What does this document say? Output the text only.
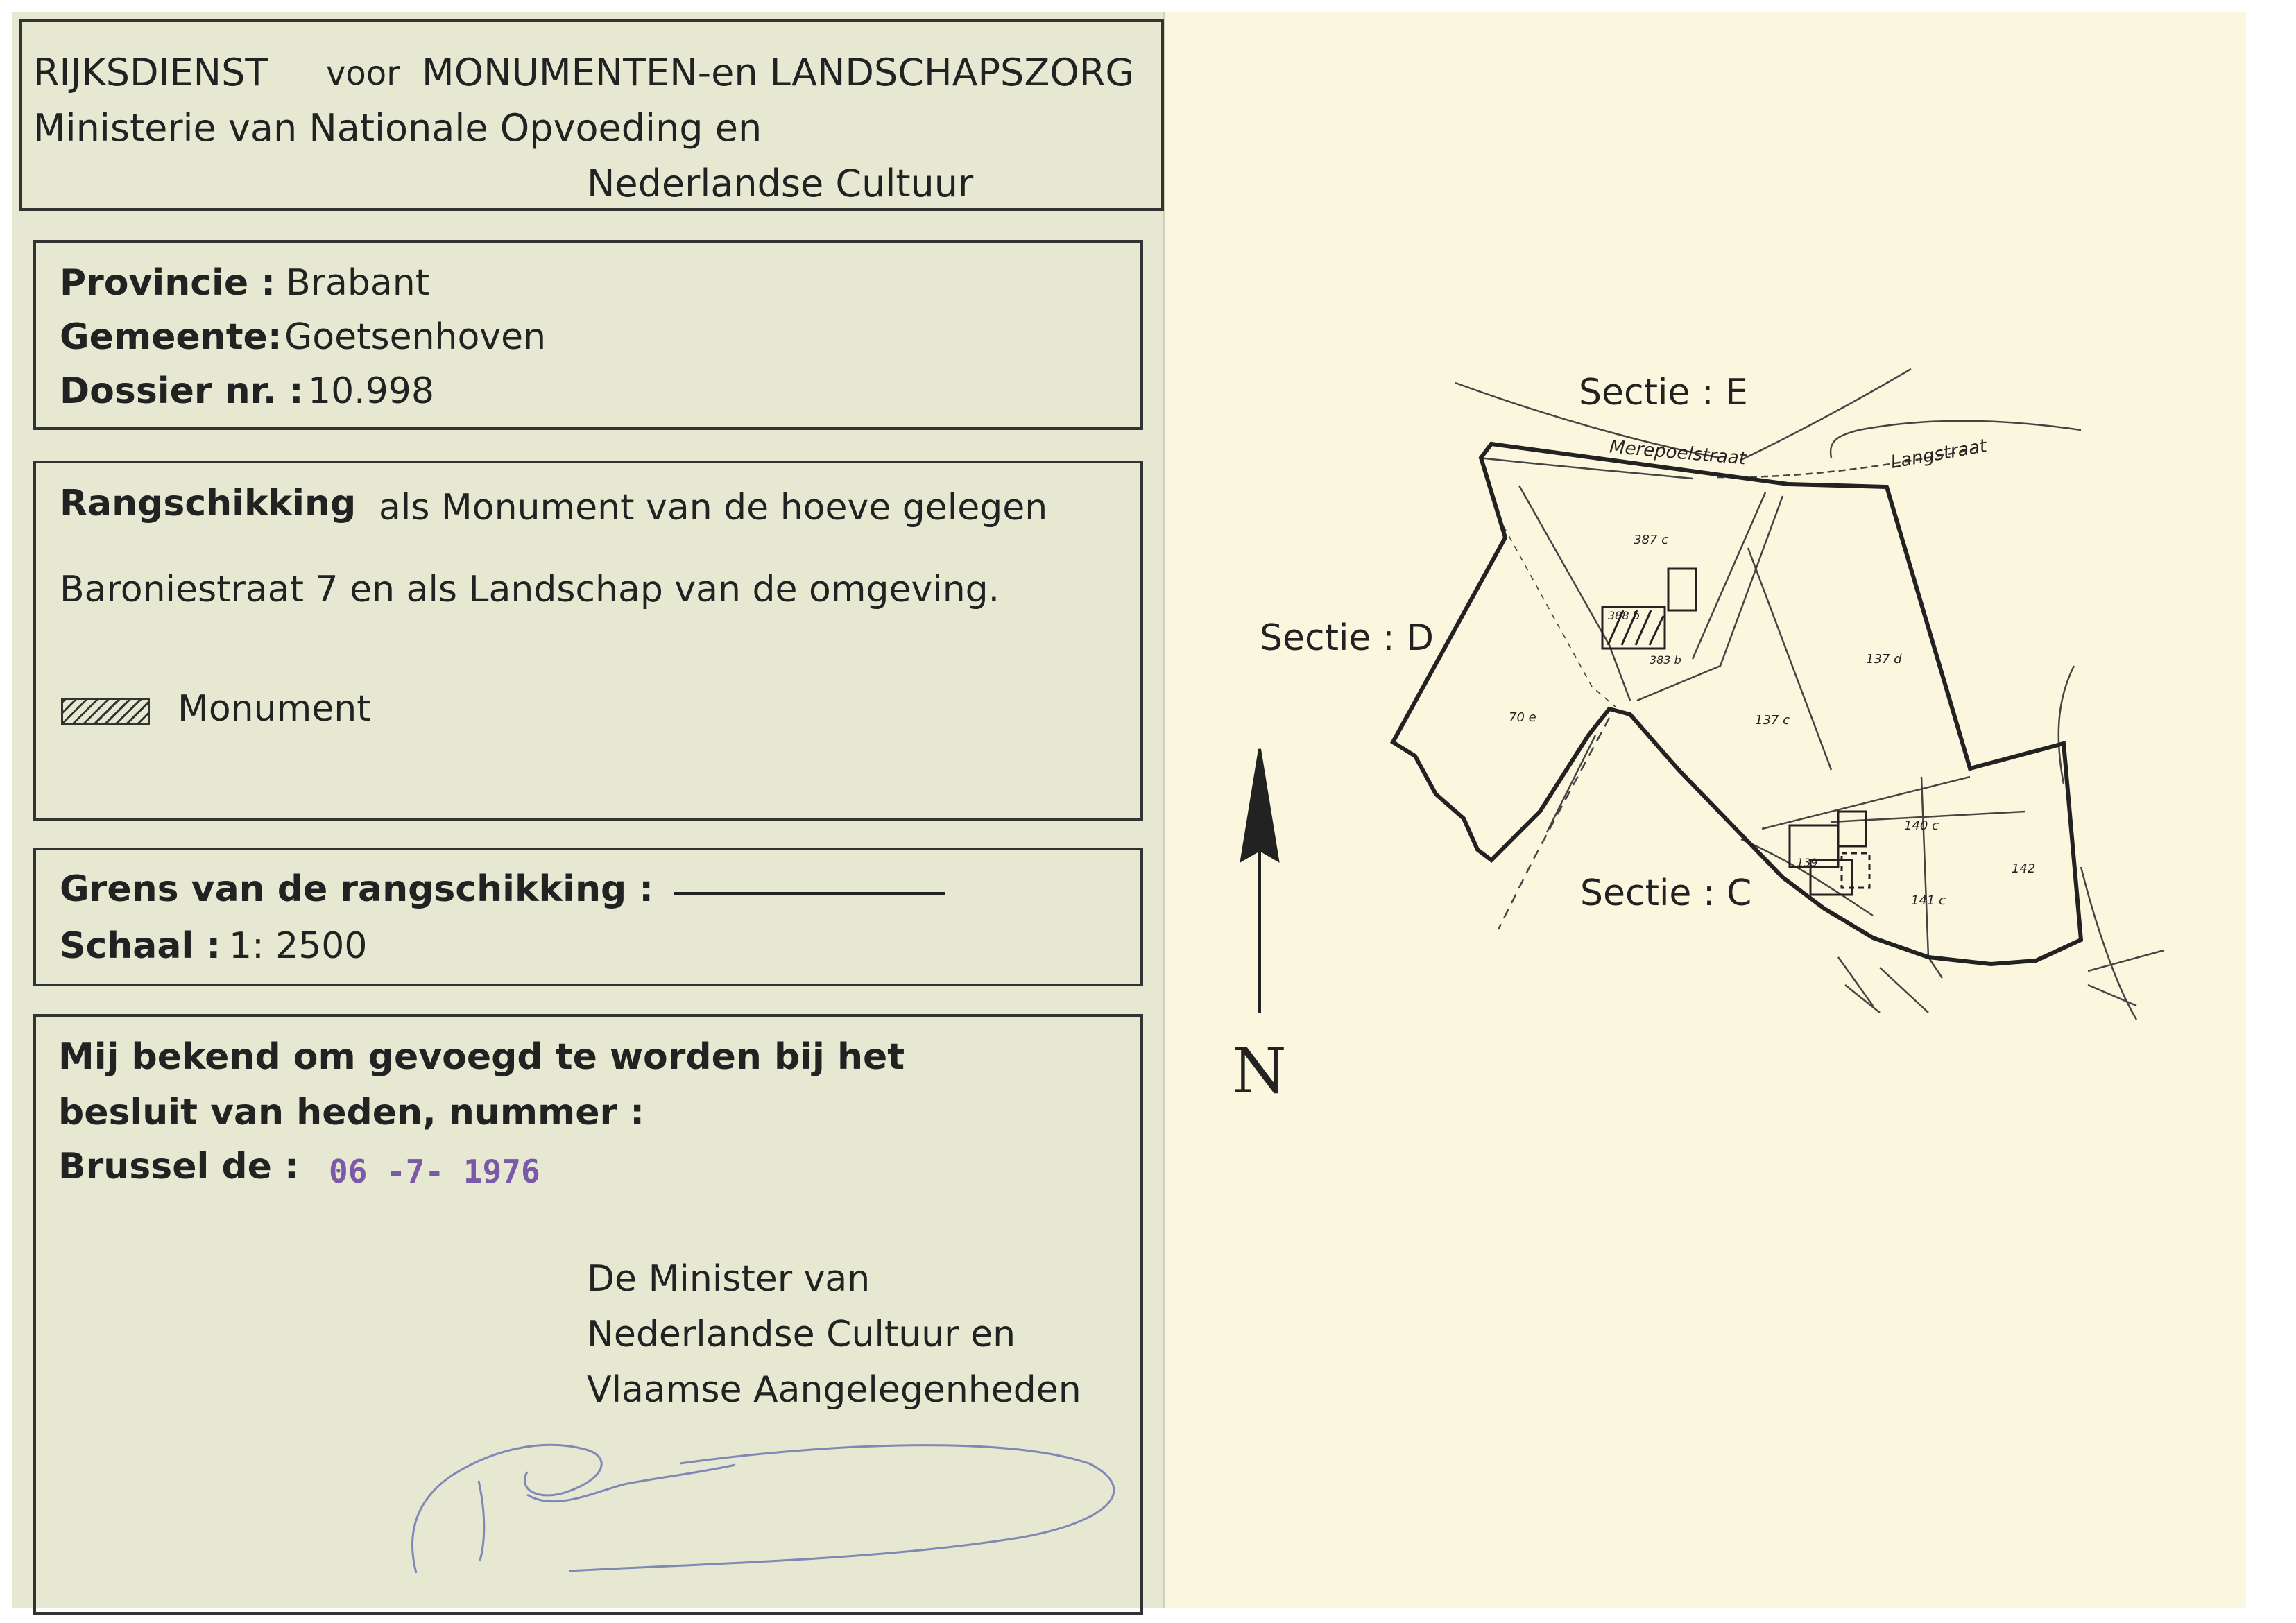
RIJKSDIENST voor MONUMENTEN-en LANDSCHAPSZORG
Ministerie van Nationale Opvoeding en
Nederlandse Cultuur
Provincie : Brabant
Gemeente: Goetsenhoven
Dossier nr. : 10.998
Rangschikking als Monument van de hoeve gelegen
Baroniestraat 7 en als Landschap van de omgeving.
Monument
Grens van de rangschikking :
Schaal : 1: 2500
Mij bekend om gevoegd te worden bij het
besluit van heden, nummer :
Brussel de : 06 -7- 1976
De Minister van
Nederlandse Cultuur en
Vlaamse Aangelegenheden
Sectie : E
Sectie : D
Sectie : C
Merepoelstraat	Langstraat
N
387 c
388 b
383 b
70 e	137 c
137 d
140 c
139
141 c
142
